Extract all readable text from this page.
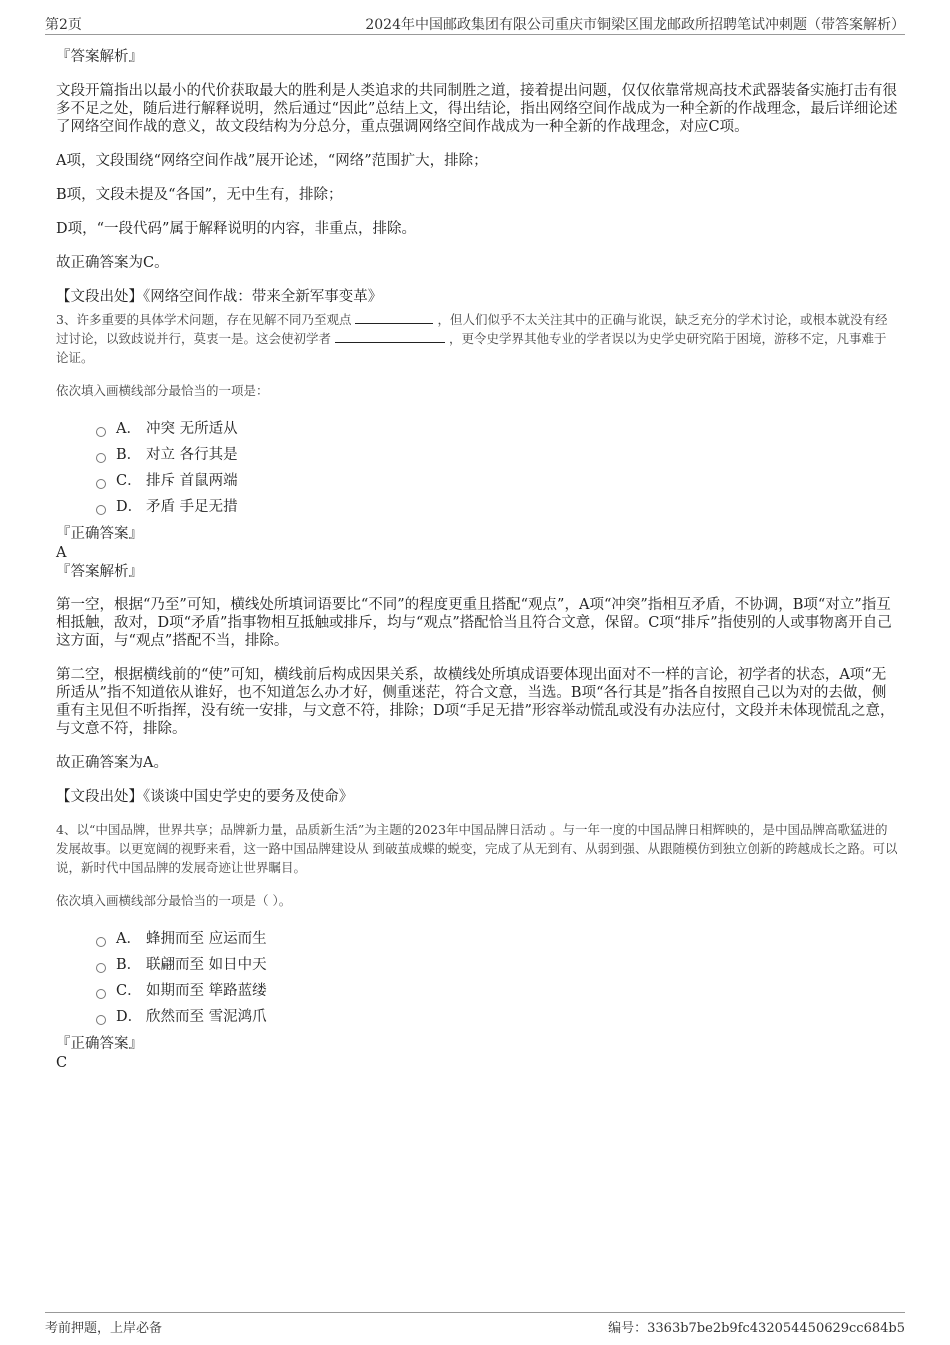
第2页	2024年中国邮政集团有限公司重庆市铜梁区围龙邮政所招聘笔试冲刺题（带答案解析）

『答案解析』

文段开篇指出以最小的代价获取最大的胜利是人类追求的共同制胜之道，接着提出问题，仅仅依靠常规高技术武器装备实施打击有很多不足之处，随后进行解释说明，然后通过“因此”总结上文，得出结论，指出网络空间作战成为一种全新的作战理念，最后详细论述了网络空间作战的意义，故文段结构为分总分，重点强调网络空间作战成为一种全新的作战理念，对应C项。

A项，文段围绕“网络空间作战”展开论述，“网络”范围扩大，排除；

B项，文段未提及“各国”，无中生有，排除；

D项，“一段代码”属于解释说明的内容，非重点，排除。

故正确答案为C。

【文段出处】《网络空间作战：带来全新军事变革》

3、许多重要的具体学术问题，存在见解不同乃至观点	，但人们似乎不太关注其中的正确与讹误，缺乏充分的学术讨论，或根本就没有经过讨论，以致歧说并行，莫衷一是。这会使初学者	，更令史学界其他专业的学者误以为史学史研究陷于困境，游移不定，凡事难于论证。

依次填入画横线部分最恰当的一项是：

A． 冲突 无所适从
B． 对立 各行其是
C． 排斥 首鼠两端
D． 矛盾 手足无措

『正确答案』

A

『答案解析』

第一空，根据“乃至”可知，横线处所填词语要比“不同”的程度更重且搭配“观点”，A项“冲突”指相互矛盾，不协调，B项“对立”指互相抵触，敌对，D项“矛盾”指事物相互抵触或排斥，均与“观点”搭配恰当且符合文意，保留。C项“排斥”指使别的人或事物离开自己这方面，与“观点”搭配不当，排除。

第二空，根据横线前的“使”可知，横线前后构成因果关系，故横线处所填成语要体现出面对不一样的言论，初学者的状态，A项“无所适从”指不知道依从谁好，也不知道怎么办才好，侧重迷茫，符合文意，当选。B项“各行其是”指各自按照自己以为对的去做，侧重有主见但不听指挥，没有统一安排，与文意不符，排除；D项“手足无措”形容举动慌乱或没有办法应付，文段并未体现慌乱之意，与文意不符，排除。

故正确答案为A。

【文段出处】《谈谈中国史学史的要务及使命》

4、以“中国品牌，世界共享；品牌新力量，品质新生活”为主题的2023年中国品牌日活动 。与一年一度的中国品牌日相辉映的，是中国品牌高歌猛进的发展故事。以更宽阔的视野来看，这一路中国品牌建设从 到破茧成蝶的蜕变，完成了从无到有、从弱到强、从跟随模仿到独立创新的跨越成长之路。可以说，新时代中国品牌的发展奇迹让世界瞩目。

依次填入画横线部分最恰当的一项是（ ）。

A． 蜂拥而至 应运而生
B． 联翩而至 如日中天
C． 如期而至 筚路蓝缕
D． 欣然而至 雪泥鸿爪

『正确答案』

C

考前押题，上岸必备	编号：3363b7be2b9fc432054450629cc684b5
